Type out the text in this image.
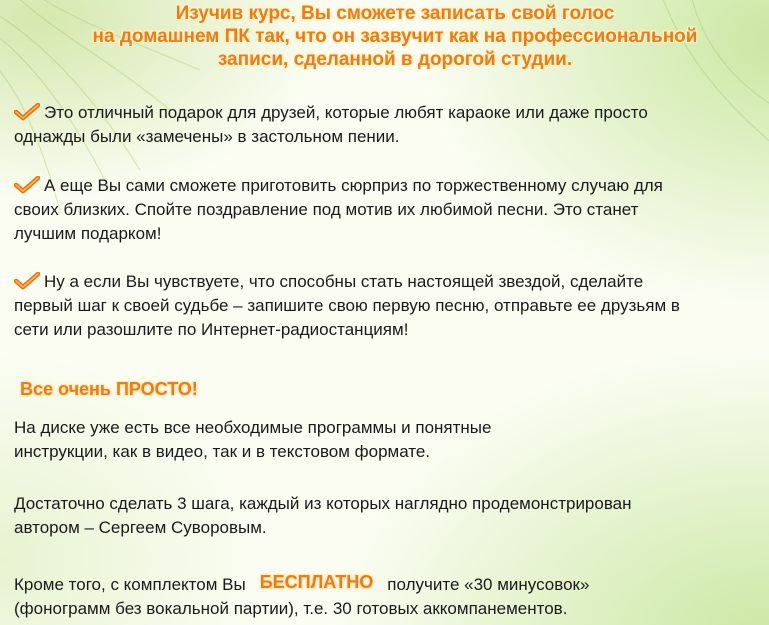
Изучив курс, Вы сможете записать свой голос
на домашнем ПК так, что он зазвучит как на профессиональной
записи, сделанной в дорогой студии.

Это отличный подарок для друзей, которые любят караоке или даже просто
однажды были «замечены» в застольном пении.

А еще Вы сами сможете приготовить сюрприз по торжественному случаю для
своих близких. Спойте поздравление под мотив их любимой песни. Это станет
лучшим подарком!

Ну а если Вы чувствуете, что способны стать настоящей звездой, сделайте
первый шаг к своей судьбе – запишите свою первую песню, отправьте ее друзьям в
сети или разошлите по Интернет-радиостанциям!

Все очень ПРОСТО!

На диске уже есть все необходимые программы и понятные
инструкции, как в видео, так и в текстовом формате.

Достаточно сделать 3 шага, каждый из которых наглядно продемонстрирован
автором – Сергеем Суворовым.

Кроме того, с комплектом Вы БЕСПЛАТНО получите «30 минусовок»
(фонограмм без вокальной партии), т.е. 30 готовых аккомпанементов.
